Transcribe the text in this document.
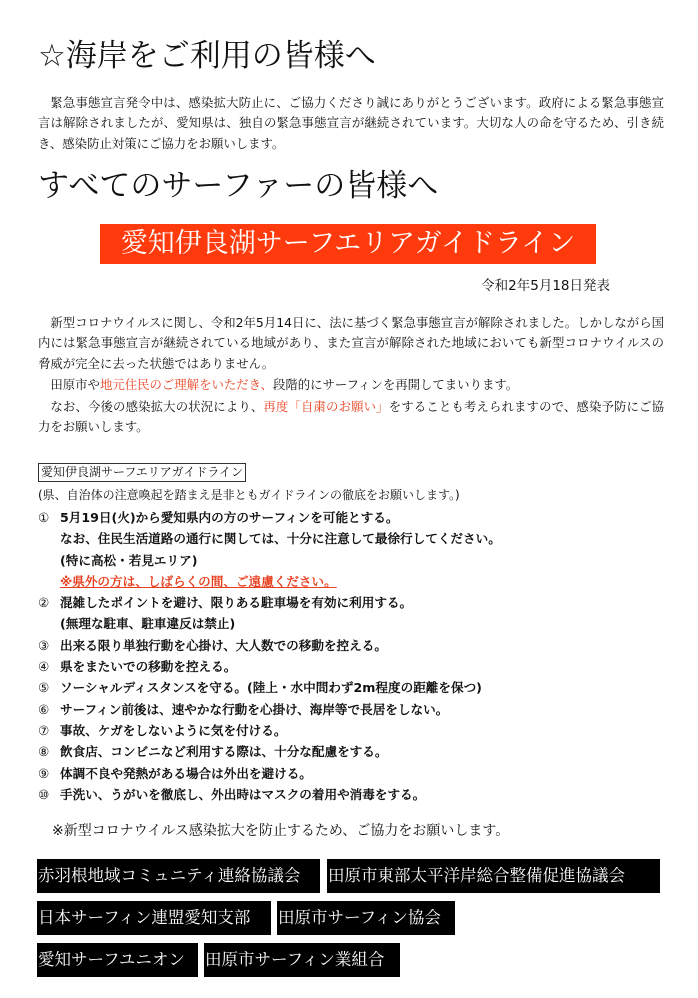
☆海岸をご利用の皆様へ

緊急事態宣言発令中は、感染拡大防止に、ご協力くださり誠にありがとうございます。政府による緊急事態宣言は解除されましたが、愛知県は、独自の緊急事態宣言が継続されています。大切な人の命を守るため、引き続き、感染防止対策にご協力をお願いします。

すべてのサーファーの皆様へ
愛知伊良湖サーフエリアガイドライン
令和2年5月18日発表

新型コロナウイルスに関し、令和2年5月14日に、法に基づく緊急事態宣言が解除されました。しかしながら国内には緊急事態宣言が継続されている地域があり、また宣言が解除された地域においても新型コロナウイルスの脅威が完全に去った状態ではありません。

田原市や地元住民のご理解をいただき、段階的にサーフィンを再開してまいります。

なお、今後の感染拡大の状況により、再度「自粛のお願い」をすることも考えられますので、感染予防にご協力をお願いします。

愛知伊良湖サーフエリアガイドライン
(県、自治体の注意喚起を踏まえ是非ともガイドラインの徹底をお願いします。)
① 5月19日(火)から愛知県内の方のサーフィンを可能とする。
なお、住民生活道路の通行に関しては、十分に注意して最徐行してください。
(特に高松・若見エリア)
※県外の方は、しばらくの間、ご遠慮ください。
② 混雑したポイントを避け、限りある駐車場を有効に利用する。
(無理な駐車、駐車違反は禁止)
③ 出来る限り単独行動を心掛け、大人数での移動を控える。
④ 県をまたいでの移動を控える。
⑤ ソーシャルディスタンスを守る。(陸上・水中問わず2m程度の距離を保つ)
⑥ サーフィン前後は、速やかな行動を心掛け、海岸等で長居をしない。
⑦ 事故、ケガをしないように気を付ける。
⑧ 飲食店、コンビニなど利用する際は、十分な配慮をする。
⑨ 体調不良や発熱がある場合は外出を避ける。
⑩ 手洗い、うがいを徹底し、外出時はマスクの着用や消毒をする。
※新型コロナウイルス感染拡大を防止するため、ご協力をお願いします。
赤羽根地域コミュニティ連絡協議会	田原市東部太平洋岸総合整備促進協議会
日本サーフィン連盟愛知支部	田原市サーフィン協会
愛知サーフユニオン	田原市サーフィン業組合
